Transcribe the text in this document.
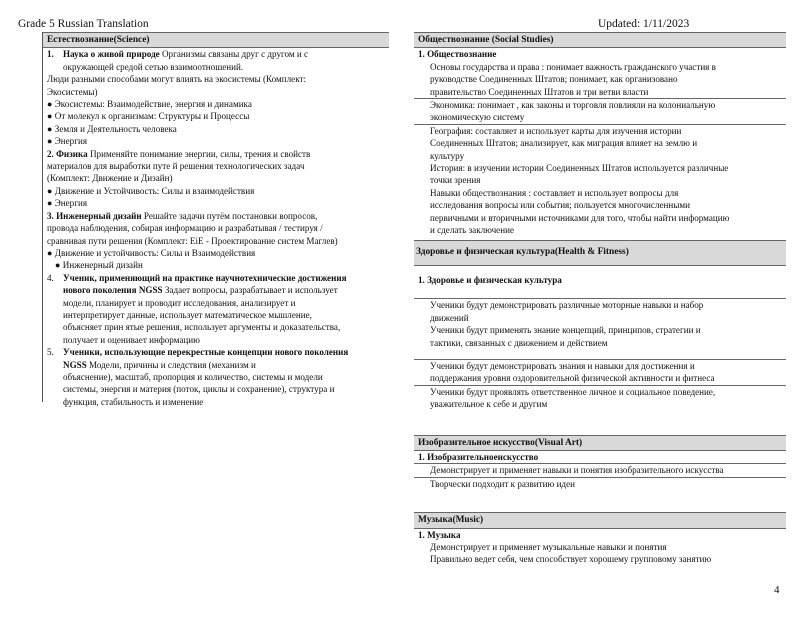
Grade 5 Russian Translation	Updated: 1/11/2023
Естествознание(Science)
1.	Наука о живой природе Организмы связаны друг с другом и с

окружающей средой сетью взаимоотношений.

Люди разными способами могут влиять на экосистемы (Комплект:

Экосистемы)

● Экосистемы: Взаимодействие, энергия и динамика

● От молекул к организмам: Структуры и Процессы

● Земля и Деятельность человека

● Энергия

2. Физика Применяйте понимание энергии, силы, трения и свойств

материалов для выработки путе й решения технологических задач

(Комплект: Движение и Дизайн)

● Движение и Устойчивость: Силы и взаимодействия

● Энергия

3. Инженерный дизайн Решайте задачи путём постановки вопросов,

провода наблюдения, собирая информацию и разрабатывая / тестируя /

сравнивая пути решения (Комплект: EiE - Проектирование систем Маглев)

● Движение и устойчивость: Силы и Взаимодействия

● Инженерный дизайн

4.	Ученик, применяющий на практике научнотехнические достижения

нового поколения NGSS Задает вопросы, разрабатывает и использует

модели, планирует и проводит исследования, анализирует и

интерпретирует данные, использует математическое мышление,

объясняет прин ятые решения, использует аргументы и доказательства,

получает и оценивает информацию

5.	Ученики, использующие перекрестные концепции нового поколения

NGSS Модели, причины и следствия (механизм и

объяснение), масштаб, пропорция и количество, системы и модели

системы, энергия и материя (поток, циклы и сохранение), структура и

функция, стабильность и изменение

Обществознание (Social Studies)

1. Обществознание

Основы государства и права : понимает важность гражданского участия в

руководстве Соединенных Штатов; понимает, как организовано

правительство Соединенных Штатов и три ветви власти

Экономика: понимает , как законы и торговля повлияли на колониальную

экономическую систему

География: составляет и использует карты для изучения истории

Соединенных Штатов; анализирует, как миграция влияет на землю и

культуру

История: в изучении истории Соединенных Штатов используется различные

точки зрения

Навыки обществознания : составляет и использует вопросы для

исследования вопросы или события; пользуется многочисленными

первичными и вторичными источниками для того, чтобы найти информацию

и сделать заключение

Здоровье и физическая культура(Health & Fitness)

1. Здоровье и физическая культура

Ученики будут демонстрировать различные моторные навыки и набор

движений

Ученики будут применять знание концепций, принципов, стратегии и

тактики, связанных с движением и действием

Ученики будут демонстрировать знания и навыки для достижения и

поддержания уровня оздоровительной физической активности и фитнеса

Ученики будут проявлять ответственное личное и социальное поведение,

уважительное к себе и другим

Изобразительное искусство(Visual Art)

1. Изобразительноеискусство

Демонстрирует и применяет навыки и понятия изобразительного искусства

Творчески подходит к развитию идеи

Музыка(Music)

1. Музыка

Демонстрирует и применяет музыкальные навыки и понятия

Правильно ведет себя, чем способствует хорошему групповому занятию

4
